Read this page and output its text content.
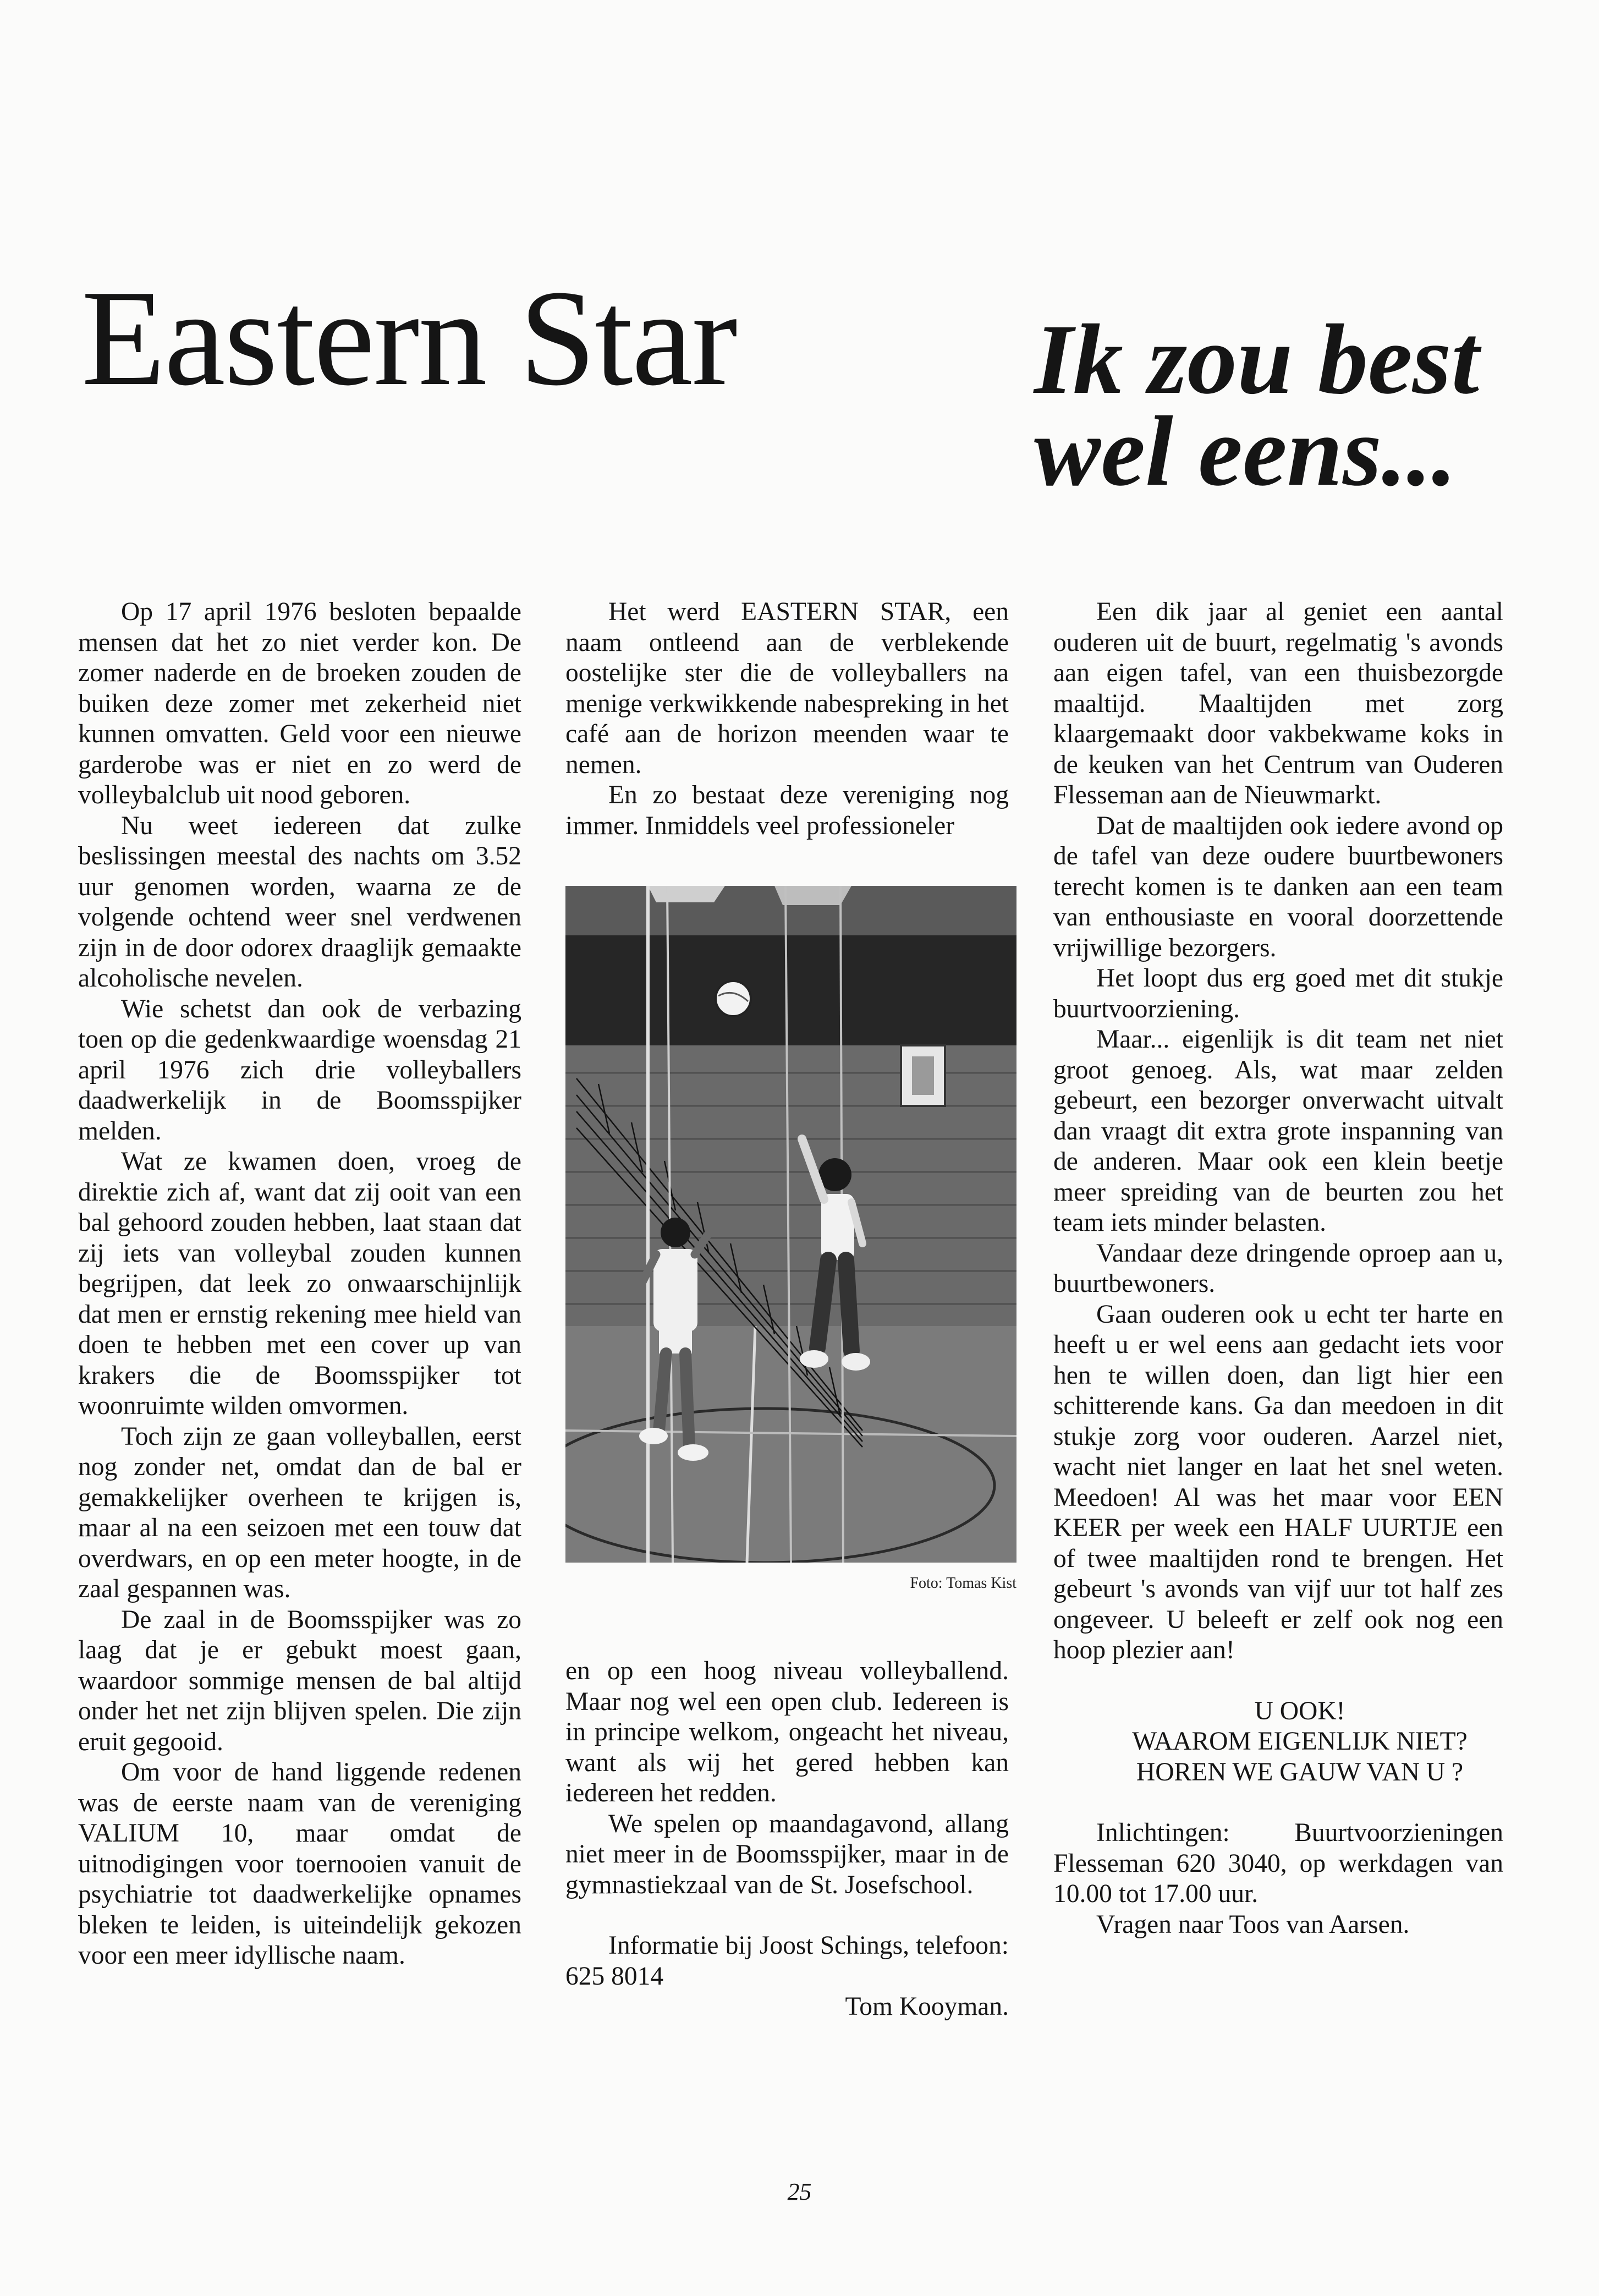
Eastern Star	Ik zou best
wel eens...

Op 17 april 1976 besloten bepaalde mensen dat het zo niet verder kon. De zomer naderde en de broeken zouden de buiken deze zomer met zekerheid niet kunnen omvatten. Geld voor een nieuwe garderobe was er niet en zo werd de volleybalclub uit nood geboren.

Nu weet iedereen dat zulke beslissingen meestal des nachts om 3.52 uur genomen worden, waarna ze de volgende ochtend weer snel verdwenen zijn in de door odorex draaglijk gemaakte alcoholische nevelen.

Wie schetst dan ook de verbazing toen op die gedenkwaardige woensdag 21 april 1976 zich drie volleyballers daadwerkelijk in de Boomsspijker melden.

Wat ze kwamen doen, vroeg de direktie zich af, want dat zij ooit van een bal gehoord zouden hebben, laat staan dat zij iets van volleybal zouden kunnen begrijpen, dat leek zo onwaarschijnlijk dat men er ernstig rekening mee hield van doen te hebben met een cover up van krakers die de Boomsspijker tot woonruimte wilden omvormen.

Toch zijn ze gaan volleyballen, eerst nog zonder net, omdat dan de bal er gemakkelijker overheen te krijgen is, maar al na een seizoen met een touw dat overdwars, en op een meter hoogte, in de zaal gespannen was.

De zaal in de Boomsspijker was zo laag dat je er gebukt moest gaan, waardoor sommige mensen de bal altijd onder het net zijn blijven spelen. Die zijn eruit gegooid.

Om voor de hand liggende redenen was de eerste naam van de vereniging VALIUM 10, maar omdat de uitnodigingen voor toernooien vanuit de psychiatrie tot daadwerkelijke opnames bleken te leiden, is uiteindelijk gekozen voor een meer idyllische naam.

Het werd EASTERN STAR, een naam ontleend aan de verblekende oostelijke ster die de volleyballers na menige verkwikkende nabespreking in het café aan de horizon meenden waar te nemen.

En zo bestaat deze vereniging nog immer. Inmiddels veel professioneler

en op een hoog niveau volleyballend. Maar nog wel een open club. Iedereen is in principe welkom, ongeacht het niveau, want als wij het gered hebben kan iedereen het redden.

We spelen op maandagavond, allang niet meer in de Boomsspijker, maar in de gymnastiekzaal van de St. Josefschool.

Informatie bij Joost Schings, telefoon: 625 8014

Tom Kooyman.

Foto: Tomas Kist

Een dik jaar al geniet een aantal ouderen uit de buurt, regelmatig 's avonds aan eigen tafel, van een thuisbezorgde maaltijd. Maaltijden met zorg klaargemaakt door vakbekwame koks in de keuken van het Centrum van Ouderen Flesseman aan de Nieuwmarkt.

Dat de maaltijden ook iedere avond op de tafel van deze oudere buurtbewoners terecht komen is te danken aan een team van enthousiaste en vooral doorzettende vrijwillige bezorgers.

Het loopt dus erg goed met dit stukje buurtvoorziening.

Maar... eigenlijk is dit team net niet groot genoeg. Als, wat maar zelden gebeurt, een bezorger onverwacht uitvalt dan vraagt dit extra grote inspanning van de anderen. Maar ook een klein beetje meer spreiding van de beurten zou het team iets minder belasten.

Vandaar deze dringende oproep aan u, buurtbewoners.

Gaan ouderen ook u echt ter harte en heeft u er wel eens aan gedacht iets voor hen te willen doen, dan ligt hier een schitterende kans. Ga dan meedoen in dit stukje zorg voor ouderen. Aarzel niet, wacht niet langer en laat het snel weten. Meedoen! Al was het maar voor EEN KEER per week een HALF UURTJE een of twee maaltijden rond te brengen. Het gebeurt 's avonds van vijf uur tot half zes ongeveer. U beleeft er zelf ook nog een hoop plezier aan!

U OOK!
WAAROM EIGENLIJK NIET?
HOREN WE GAUW VAN U ?

Inlichtingen: Buurtvoorzieningen Flesseman 620 3040, op werkdagen van 10.00 tot 17.00 uur.

Vragen naar Toos van Aarsen.

25
